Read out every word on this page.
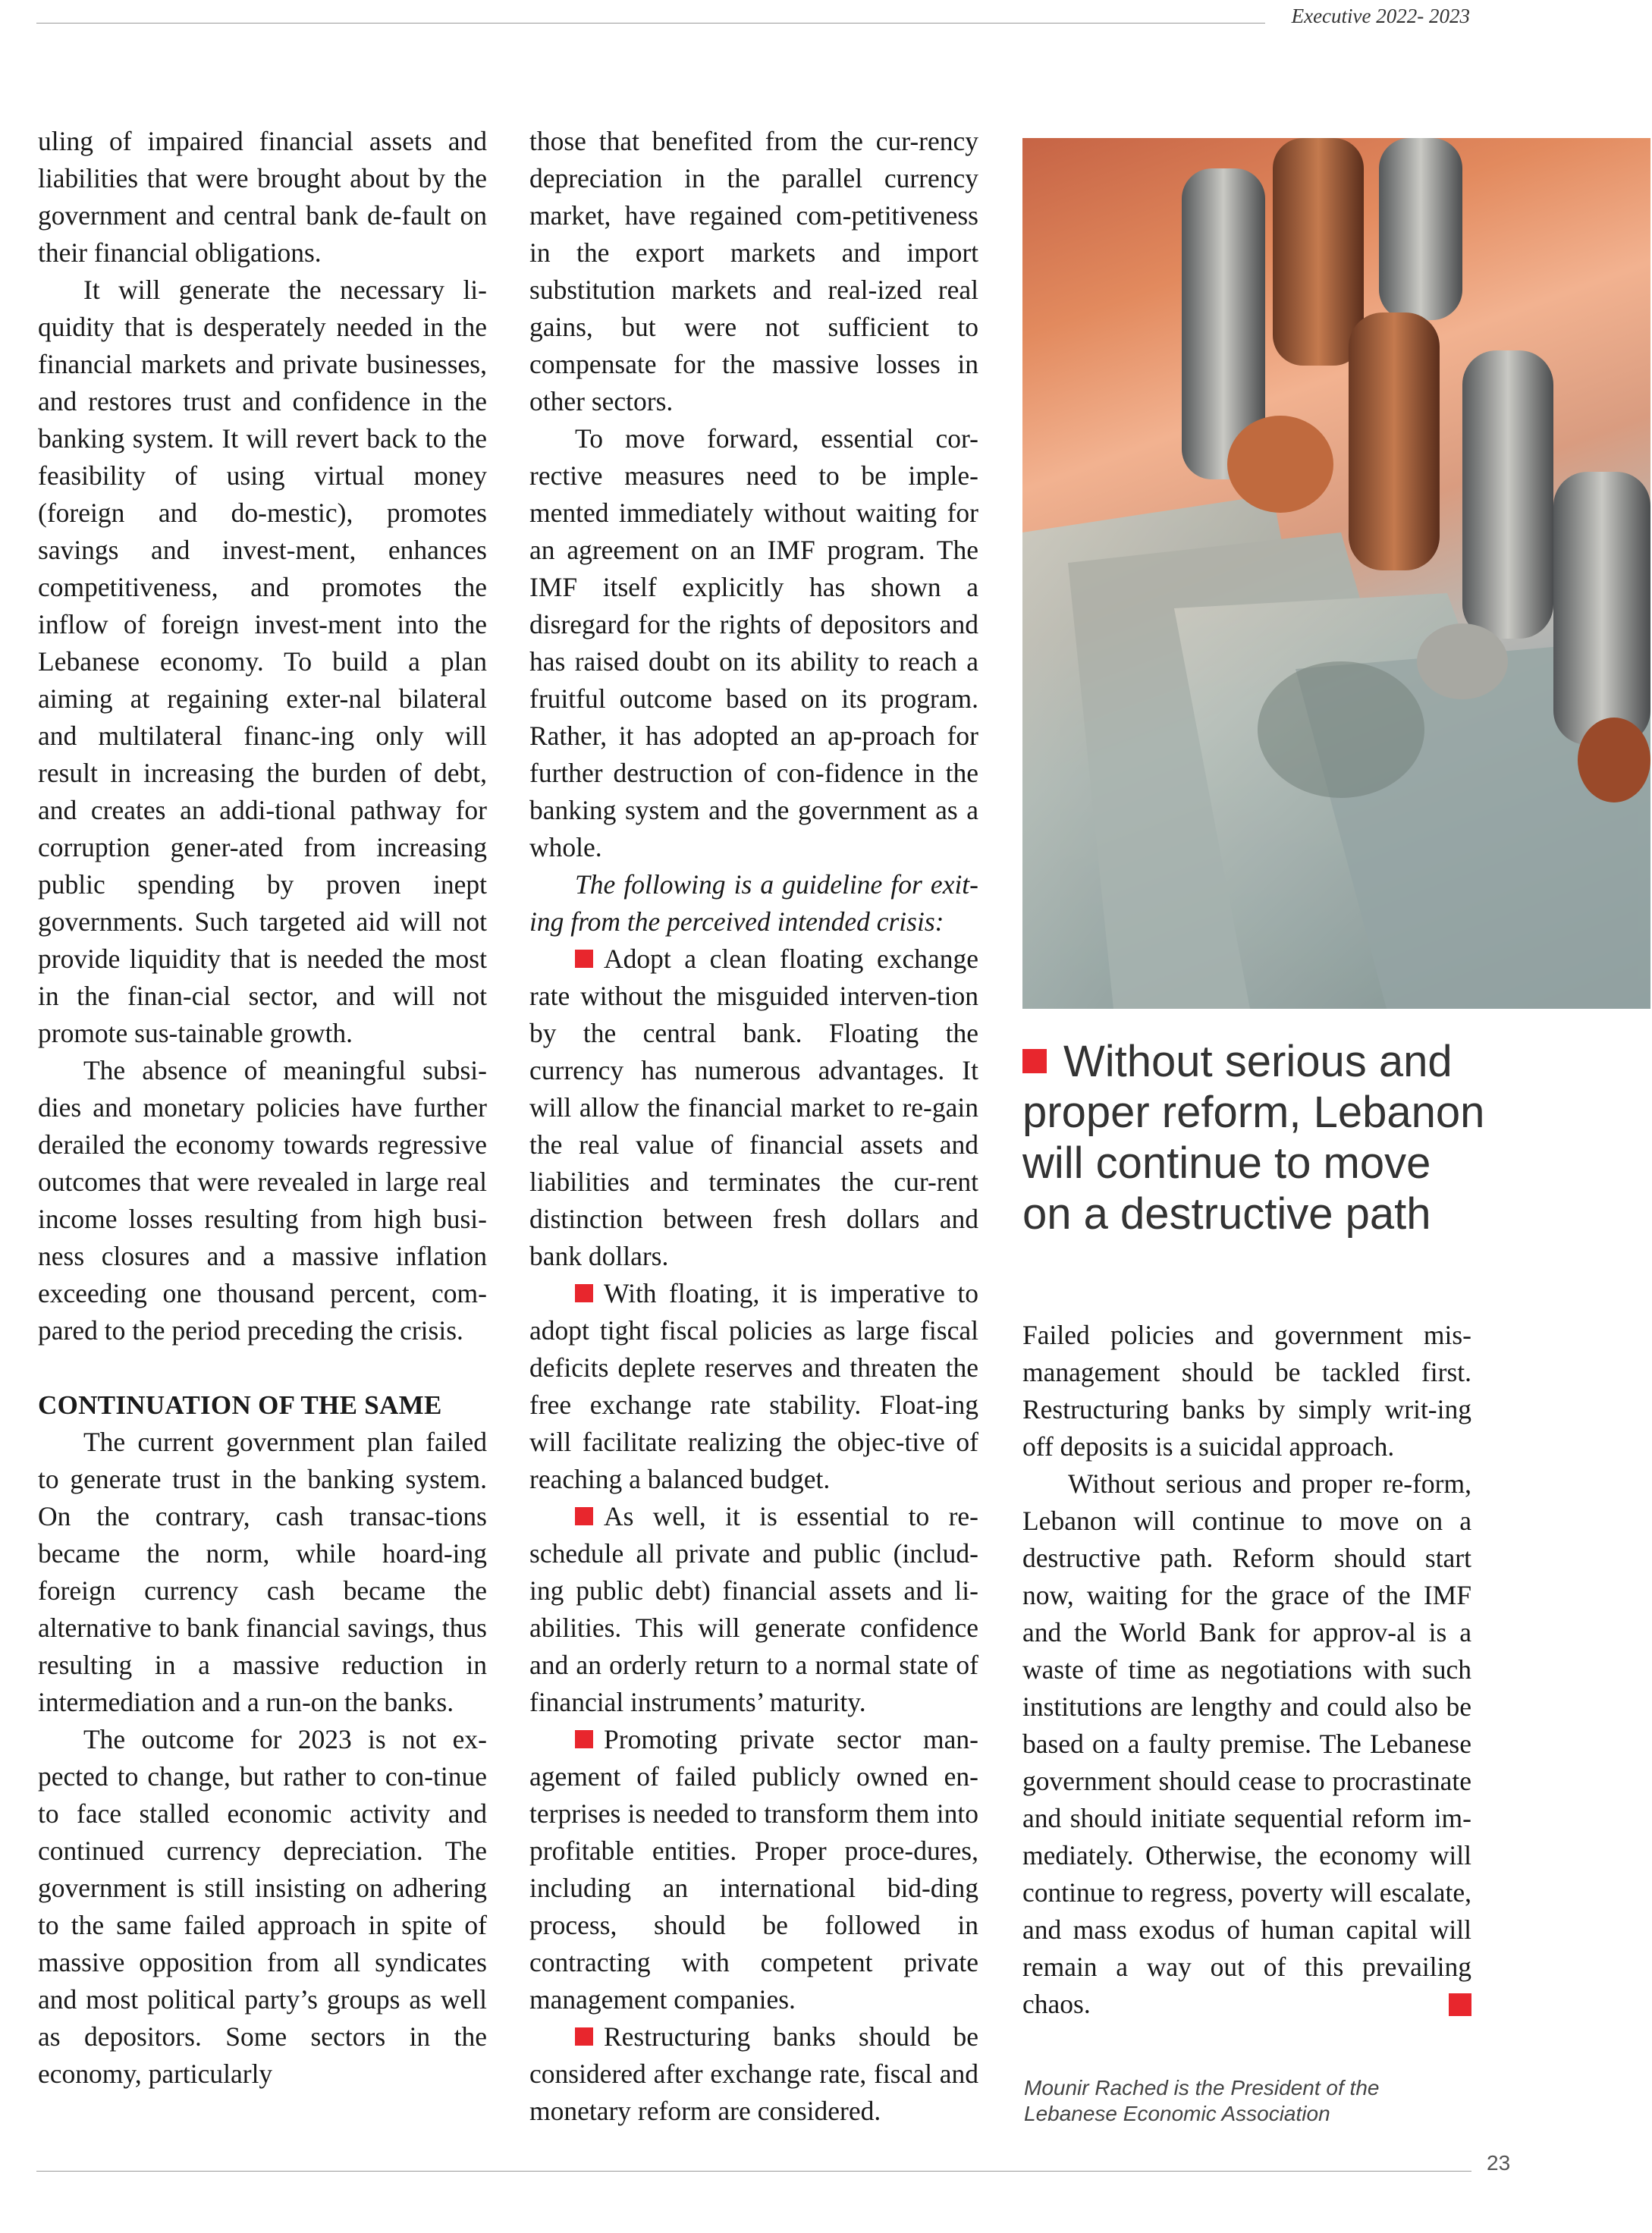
Executive 2022- 2023

uling of impaired financial assets and liabilities that were brought about by the government and central bank de-fault on their financial obligations.

It will generate the necessary li-quidity that is desperately needed in the financial markets and private businesses, and restores trust and confidence in the banking system. It will revert back to the feasibility of using virtual money (foreign and do-mestic), promotes savings and invest-ment, enhances competitiveness, and promotes the inflow of foreign invest-ment into the Lebanese economy. To build a plan aiming at regaining exter-nal bilateral and multilateral financ-ing only will result in increasing the burden of debt, and creates an addi-tional pathway for corruption gener-ated from increasing public spending by proven inept governments. Such targeted aid will not provide liquidity that is needed the most in the finan-cial sector, and will not promote sus-tainable growth.

The absence of meaningful subsi-dies and monetary policies have further derailed the economy towards regressive outcomes that were revealed in large real income losses resulting from high busi-ness closures and a massive inflation exceeding one thousand percent, com-pared to the period preceding the crisis.

CONTINUATION OF THE SAME

The current government plan failed to generate trust in the banking system. On the contrary, cash transac-tions became the norm, while hoard-ing foreign currency cash became the alternative to bank financial savings, thus resulting in a massive reduction in intermediation and a run-on the banks.

The outcome for 2023 is not ex-pected to change, but rather to con-tinue to face stalled economic activity and continued currency depreciation. The government is still insisting on adhering to the same failed approach in spite of massive opposition from all syndicates and most political party’s groups as well as depositors. Some sectors in the economy, particularly

those that benefited from the cur-rency depreciation in the parallel currency market, have regained com-petitiveness in the export markets and import substitution markets and real-ized real gains, but were not sufficient to compensate for the massive losses in other sectors.

To move forward, essential cor-rective measures need to be imple-mented immediately without waiting for an agreement on an IMF program. The IMF itself explicitly has shown a disregard for the rights of depositors and has raised doubt on its ability to reach a fruitful outcome based on its program. Rather, it has adopted an ap-proach for further destruction of con-fidence in the banking system and the government as a whole.

The following is a guideline for exit-ing from the perceived intended crisis:

Adopt a clean floating exchange rate without the misguided interven-tion by the central bank. Floating the currency has numerous advantages. It will allow the financial market to re-gain the real value of financial assets and liabilities and terminates the cur-rent distinction between fresh dollars and bank dollars.

With floating, it is imperative to adopt tight fiscal policies as large fiscal deficits deplete reserves and threaten the free exchange rate stability. Float-ing will facilitate realizing the objec-tive of reaching a balanced budget.

As well, it is essential to re-schedule all private and public (includ-ing public debt) financial assets and li-abilities. This will generate confidence and an orderly return to a normal state of financial instruments’ maturity.

Promoting private sector man-agement of failed publicly owned en-terprises is needed to transform them into profitable entities. Proper proce-dures, including an international bid-ding process, should be followed in contracting with competent private management companies.

Restructuring banks should be considered after exchange rate, fiscal and monetary reform are considered.

Without serious and proper reform, Lebanon will continue to move on a destructive path

Failed policies and government mis-management should be tackled first. Restructuring banks by simply writ-ing off deposits is a suicidal approach.

Without serious and proper re-form, Lebanon will continue to move on a destructive path. Reform should start now, waiting for the grace of the IMF and the World Bank for approv-al is a waste of time as negotiations with such institutions are lengthy and could also be based on a faulty premise. The Lebanese government should cease to procrastinate and should initiate sequential reform im-mediately. Otherwise, the economy will continue to regress, poverty will escalate, and mass exodus of human capital will remain a way out of this prevailing chaos.	■

Mounir Rached is the President of the Lebanese Economic Association
23
